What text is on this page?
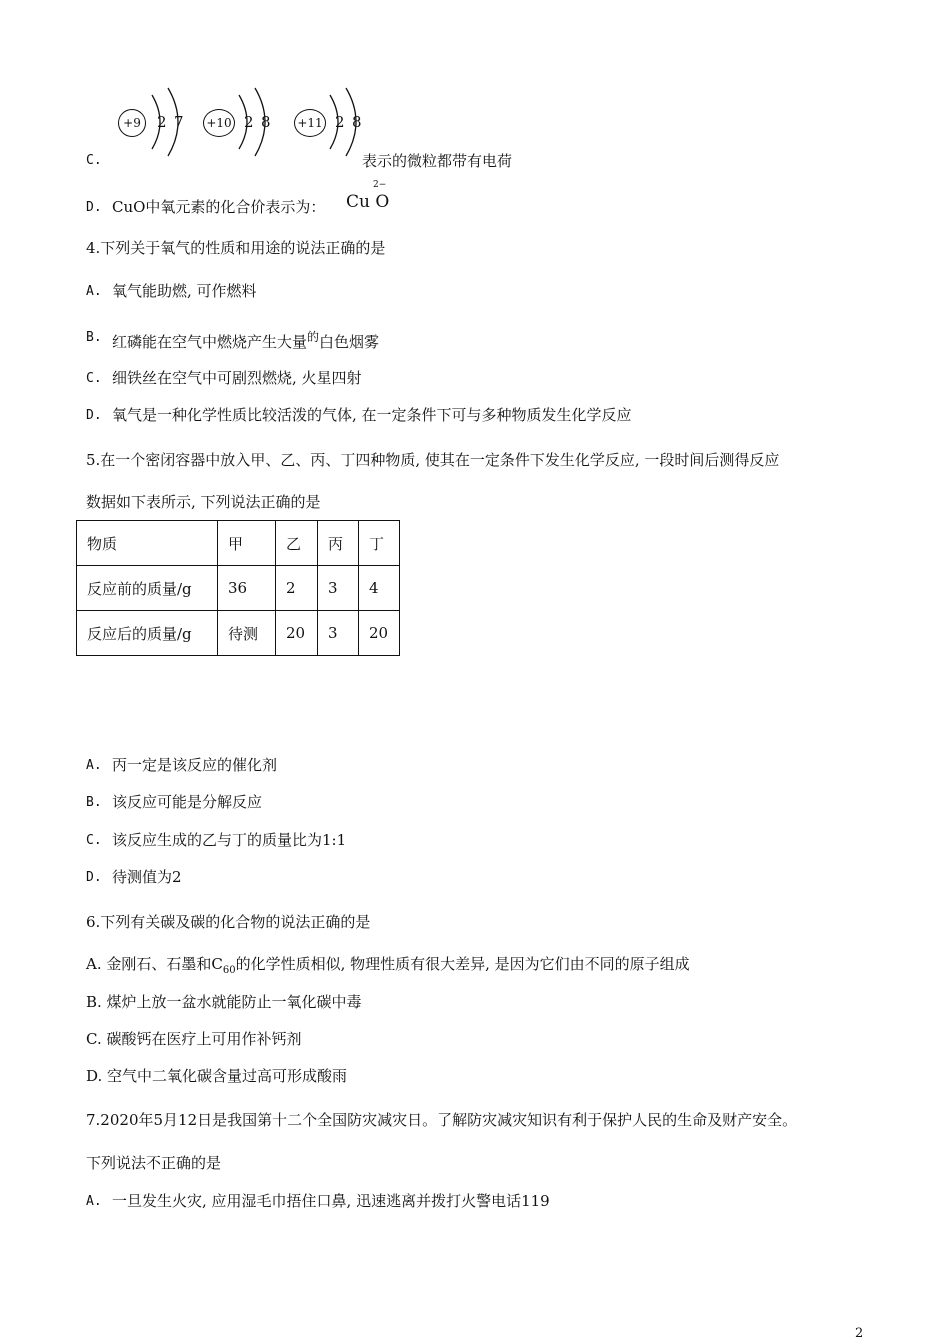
+9	2 7 +10 2 8 +11 2 8
C.	表示的微粒都带有电荷
D. CuO中氧元素的化合价表示为：
2−
Cu O
4.下列关于氧气的性质和用途的说法正确的是
A. 氧气能助燃, 可作燃料
B. 红磷能在空气中燃烧产生大量$^的$白色烟雾
C. 细铁丝在空气中可剧烈燃烧, 火星四射
D. 氧气是一种化学性质比较活泼的气体, 在一定条件下可与多种物质发生化学反应
5.在一个密闭容器中放入甲、乙、丙、丁四种物质, 使其在一定条件下发生化学反应, 一段时间后测得反应
数据如下表所示, 下列说法正确的是
物质	甲	乙	丙	丁
反应前的质量/g	36	2	3	4
反应后的质量/g	待测	20	3	20
A. 丙一定是该反应的催化剂
B. 该反应可能是分解反应
C. 该反应生成的乙与丁的质量比为1:1
D. 待测值为2
6.下列有关碳及碳的化合物的说法正确的是
A. 金刚石、石墨和$C_{60}$的化学性质相似, 物理性质有很大差异, 是因为它们由不同的原子组成
B. 煤炉上放一盆水就能防止一氧化碳中毒
C. 碳酸钙在医疗上可用作补钙剂
D. 空气中二氧化碳含量过高可形成酸雨
7.2020年5月12日是我国第十二个全国防灾减灾日。了解防灾减灾知识有利于保护人民的生命及财产安全。
下列说法不正确的是
A. 一旦发生火灾, 应用湿毛巾捂住口鼻, 迅速逃离并拨打火警电话119
2
